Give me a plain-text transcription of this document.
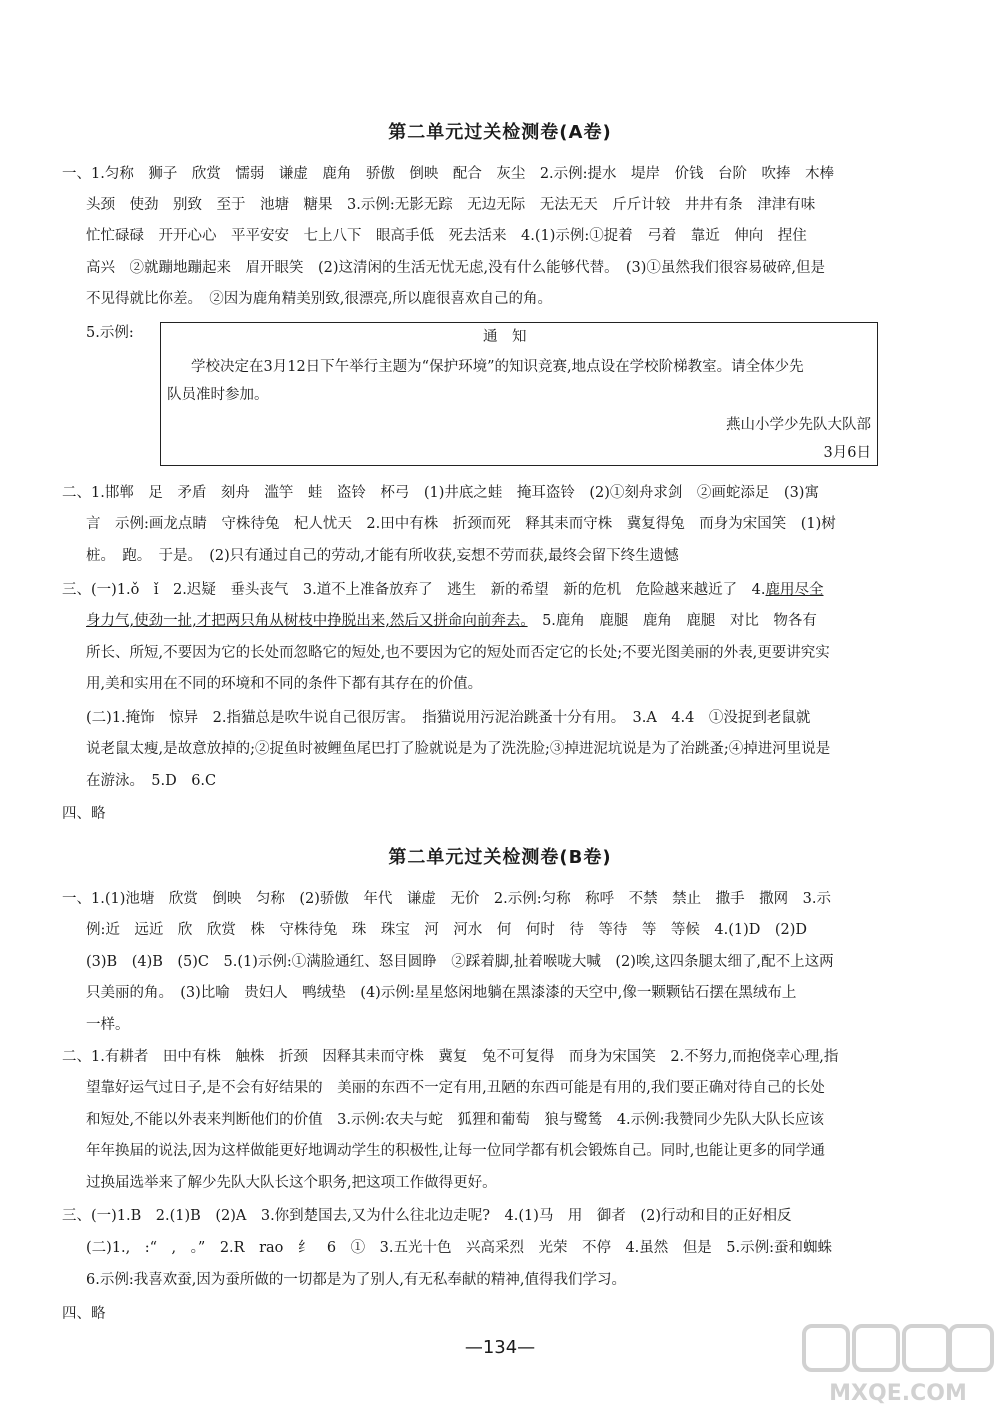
第二单元过关检测卷(A卷)
一、1.匀称　狮子　欣赏　懦弱　谦虚　鹿角　骄傲　倒映　配合　灰尘　2.示例:提水　堤岸　价钱　台阶　吹捧　木棒
头颈　使劲　别致　至于　池塘　糖果　3.示例:无影无踪　无边无际　无法无天　斤斤计较　井井有条　津津有味
忙忙碌碌　开开心心　平平安安　七上八下　眼高手低　死去活来　4.(1)示例:①捉着　弓着　靠近　伸向　捏住
高兴　②就蹦地蹦起来　眉开眼笑　(2)这清闲的生活无忧无虑,没有什么能够代替。　(3)①虽然我们很容易破碎,但是
不见得就比你差。　②因为鹿角精美别致,很漂亮,所以鹿很喜欢自己的角。
5.示例:	通　知
学校决定在3月12日下午举行主题为“保护环境”的知识竞赛,地点设在学校阶梯教室。请全体少先
队员准时参加。
燕山小学少先队大队部
3月6日
二、1.邯郸　足　矛盾　刻舟　滥竽　蛙　盗铃　杯弓　(1)井底之蛙　掩耳盗铃　(2)①刻舟求剑　②画蛇添足　(3)寓
言　示例:画龙点睛　守株待兔　杞人忧天　2.田中有株　折颈而死　释其耒而守株　冀复得兔　而身为宋国笑　(1)树
桩。　跑。　于是。　(2)只有通过自己的劳动,才能有所收获,妄想不劳而获,最终会留下终生遗憾
三、(一)1.ǒ　ǐ　2.迟疑　垂头丧气　3.道不上准备放弃了　逃生　新的希望　新的危机　危险越来越近了　4.鹿用尽全
身力气,使劲一扯,才把两只角从树枝中挣脱出来,然后又拼命向前奔去。　5.鹿角　鹿腿　鹿角　鹿腿　对比　物各有
所长、所短,不要因为它的长处而忽略它的短处,也不要因为它的短处而否定它的长处;不要光图美丽的外表,更要讲究实
用,美和实用在不同的环境和不同的条件下都有其存在的价值。
(二)1.掩饰　惊异　2.指猫总是吹牛说自己很厉害。　指猫说用污泥治跳蚤十分有用。　3.A　4.4　①没捉到老鼠就
说老鼠太瘦,是故意放掉的;②捉鱼时被鲤鱼尾巴打了脸就说是为了洗洗脸;③掉进泥坑说是为了治跳蚤;④掉进河里说是
在游泳。　5.D　6.C
四、略
第二单元过关检测卷(B卷)
一、1.(1)池塘　欣赏　倒映　匀称　(2)骄傲　年代　谦虚　无价　2.示例:匀称　称呼　不禁　禁止　撒手　撒网　3.示
例:近　远近　欣　欣赏　株　守株待兔　珠　珠宝　河　河水　何　何时　待　等待　等　等候　4.(1)D　(2)D
(3)B　(4)B　(5)C　5.(1)示例:①满脸通红、怒目圆睁　②踩着脚,扯着喉咙大喊　(2)唉,这四条腿太细了,配不上这两
只美丽的角。　(3)比喻　贵妇人　鸭绒垫　(4)示例:星星悠闲地躺在黑漆漆的天空中,像一颗颗钻石摆在黑绒布上
一样。
二、1.有耕者　田中有株　触株　折颈　因释其耒而守株　冀复　兔不可复得　而身为宋国笑　2.不努力,而抱侥幸心理,指
望靠好运气过日子,是不会有好结果的　美丽的东西不一定有用,丑陋的东西可能是有用的,我们要正确对待自己的长处
和短处,不能以外表来判断他们的价值　3.示例:农夫与蛇　狐狸和葡萄　狼与鹭鸶　4.示例:我赞同少先队大队长应该
年年换届的说法,因为这样做能更好地调动学生的积极性,让每一位同学都有机会锻炼自己。同时,也能让更多的同学通
过换届选举来了解少先队大队长这个职务,把这项工作做得更好。
三、(一)1.B　2.(1)B　(2)A　3.你到楚国去,又为什么往北边走呢?　4.(1)马　用　御者　(2)行动和目的正好相反
(二)1.,　:“　,　。”　2.R　rao　纟　6　①　3.五光十色　兴高采烈　光荣　不停　4.虽然　但是　5.示例:蚕和蜘蛛
6.示例:我喜欢蚕,因为蚕所做的一切都是为了别人,有无私奉献的精神,值得我们学习。
四、略
—134—
MXQE.COM
